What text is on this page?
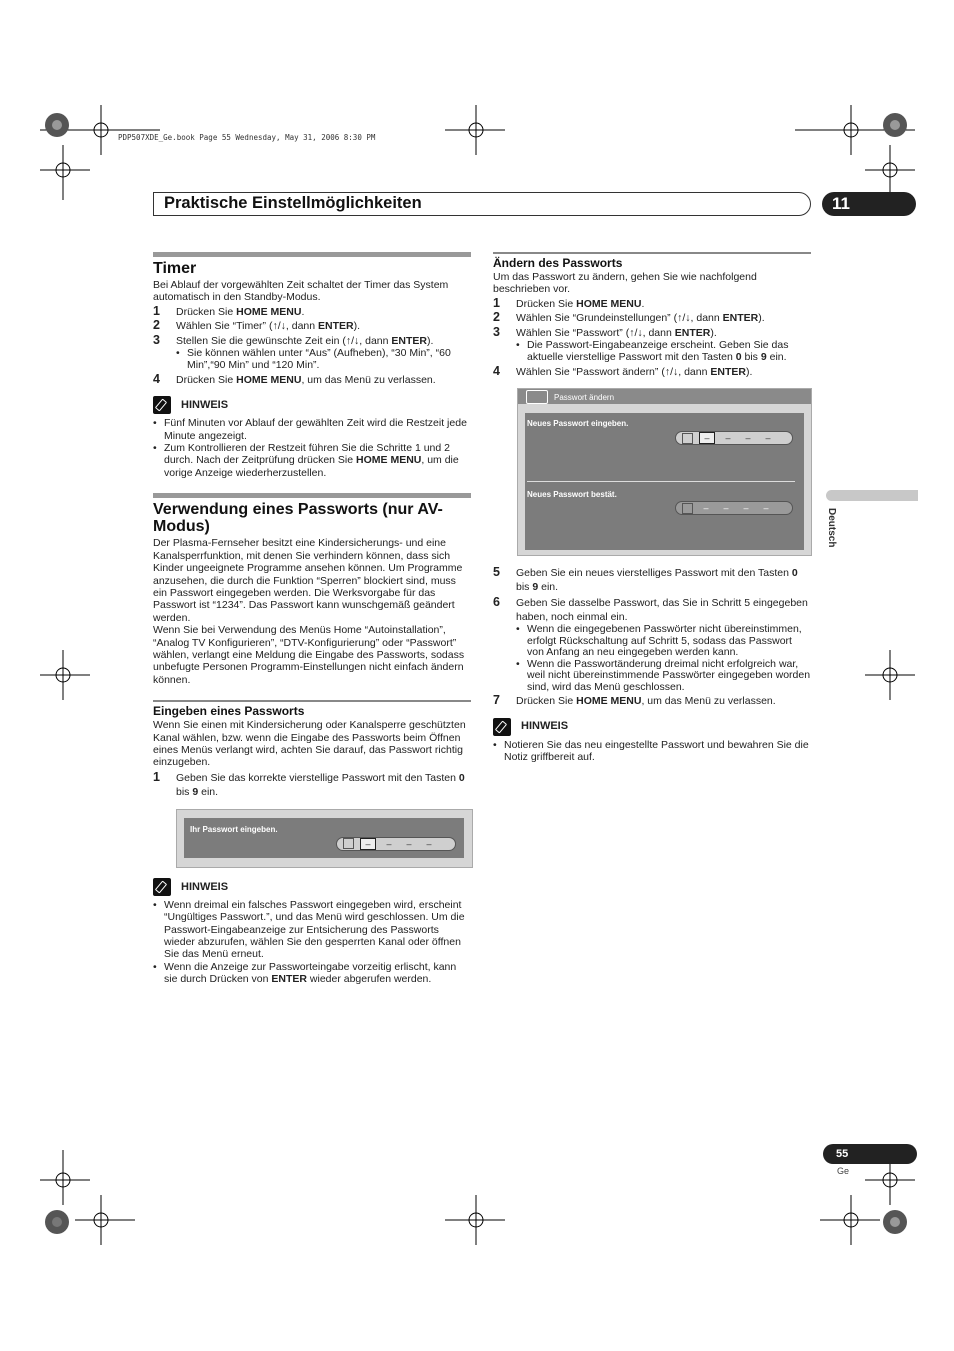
PDP507XDE_Ge.book Page 55 Wednesday, May 31, 2006 8:30 PM
Praktische Einstellmöglichkeiten	11
Deutsch
Timer

Bei Ablauf der vorgewählten Zeit schaltet der Timer das System automatisch in den Standby-Modus.

1 Drücken Sie HOME MENU.
2 Wählen Sie “Timer” (↑/↓, dann ENTER).
3 Stellen Sie die gewünschte Zeit ein (↑/↓, dann ENTER).
• Sie können wählen unter “Aus” (Aufheben), “30 Min”, “60 Min”,“90 Min” und “120 Min”.
4 Drücken Sie HOME MENU, um das Menü zu verlassen.
HINWEIS
• Fünf Minuten vor Ablauf der gewählten Zeit wird die Restzeit jede Minute angezeigt.
• Zum Kontrollieren der Restzeit führen Sie die Schritte 1 und 2 durch. Nach der Zeitprüfung drücken Sie HOME MENU, um die vorige Anzeige wiederherzustellen.
Verwendung eines Passworts (nur AV-Modus)

Der Plasma-Fernseher besitzt eine Kindersicherungs- und eine Kanalsperrfunktion, mit denen Sie verhindern können, dass sich Kinder ungeeignete Programme ansehen können. Um Programme anzusehen, die durch die Funktion “Sperren” blockiert sind, muss ein Passwort eingegeben werden. Die Werksvorgabe für das Passwort ist “1234”. Das Passwort kann wunschgemäß geändert werden.

Wenn Sie bei Verwendung des Menüs Home “Autoinstallation”, “Analog TV Konfigurieren”, “DTV-Konfigurierung” oder “Passwort” wählen, verlangt eine Meldung die Eingabe des Passworts, sodass unbefugte Personen Programm-Einstellungen nicht einfach ändern können.

Eingeben eines Passworts

Wenn Sie einen mit Kindersicherung oder Kanalsperre geschützten Kanal wählen, bzw. wenn die Eingabe des Passworts beim Öffnen eines Menüs verlangt wird, achten Sie darauf, das Passwort richtig einzugeben.

1 Geben Sie das korrekte vierstellige Passwort mit den Tasten 0 bis 9 ein.
Ihr Passwort eingeben.
–	–	–	–
HINWEIS
• Wenn dreimal ein falsches Passwort eingegeben wird, erscheint “Ungültiges Passwort.”, und das Menü wird geschlossen. Um die Passwort-Eingabeanzeige zur Entsicherung des Passworts wieder abzurufen, wählen Sie den gesperrten Kanal oder öffnen Sie das Menü erneut.
• Wenn die Anzeige zur Passworteingabe vorzeitig erlischt, kann sie durch Drücken von ENTER wieder abgerufen werden.
Ändern des Passworts

Um das Passwort zu ändern, gehen Sie wie nachfolgend beschrieben vor.

1 Drücken Sie HOME MENU.
2 Wählen Sie “Grundeinstellungen” (↑/↓, dann ENTER).
3 Wählen Sie “Passwort” (↑/↓, dann ENTER).
• Die Passwort-Eingabeanzeige erscheint. Geben Sie das aktuelle vierstellige Passwort mit den Tasten 0 bis 9 ein.
4 Wählen Sie “Passwort ändern” (↑/↓, dann ENTER).
Passwort ändern
Neues Passwort eingeben.
–	–	–	–
Neues Passwort bestät.
–	–	–	–
5 Geben Sie ein neues vierstelliges Passwort mit den Tasten 0 bis 9 ein.
6 Geben Sie dasselbe Passwort, das Sie in Schritt 5 eingegeben haben, noch einmal ein.
• Wenn die eingegebenen Passwörter nicht übereinstimmen, erfolgt Rückschaltung auf Schritt 5, sodass das Passwort von Anfang an neu eingegeben werden kann.
• Wenn die Passwortänderung dreimal nicht erfolgreich war, weil nicht übereinstimmende Passwörter eingegeben worden sind, wird das Menü geschlossen.
7 Drücken Sie HOME MENU, um das Menü zu verlassen.
HINWEIS
• Notieren Sie das neu eingestellte Passwort und bewahren Sie die Notiz griffbereit auf.
55
Ge
